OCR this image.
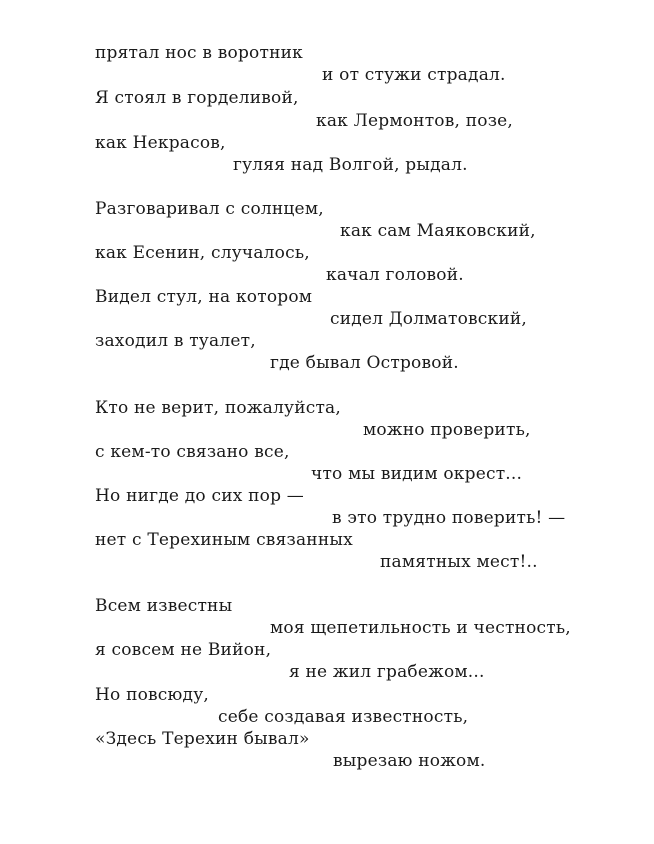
прятал нос в воротник
и от стужи страдал.
Я стоял в горделивой,
как Лермонтов, позе,
как Некрасов,
гуляя над Волгой, рыдал.
Разговаривал с солнцем,
как сам Маяковский,
как Есенин, случалось,
качал головой.
Видел стул, на котором
сидел Долматовский,
заходил в туалет,
где бывал Островой.
Кто не верит, пожалуйста,
можно проверить,
с кем-то связано все,
что мы видим окрест...
Но нигде до сих пор —
в это трудно поверить! —
нет с Терехиным связанных
памятных мест!..
Всем известны
моя щепетильность и честность,
я совсем не Вийон,
я не жил грабежом...
Но повсюду,
себе создавая известность,
«Здесь Терехин бывал»
вырезаю ножом.
